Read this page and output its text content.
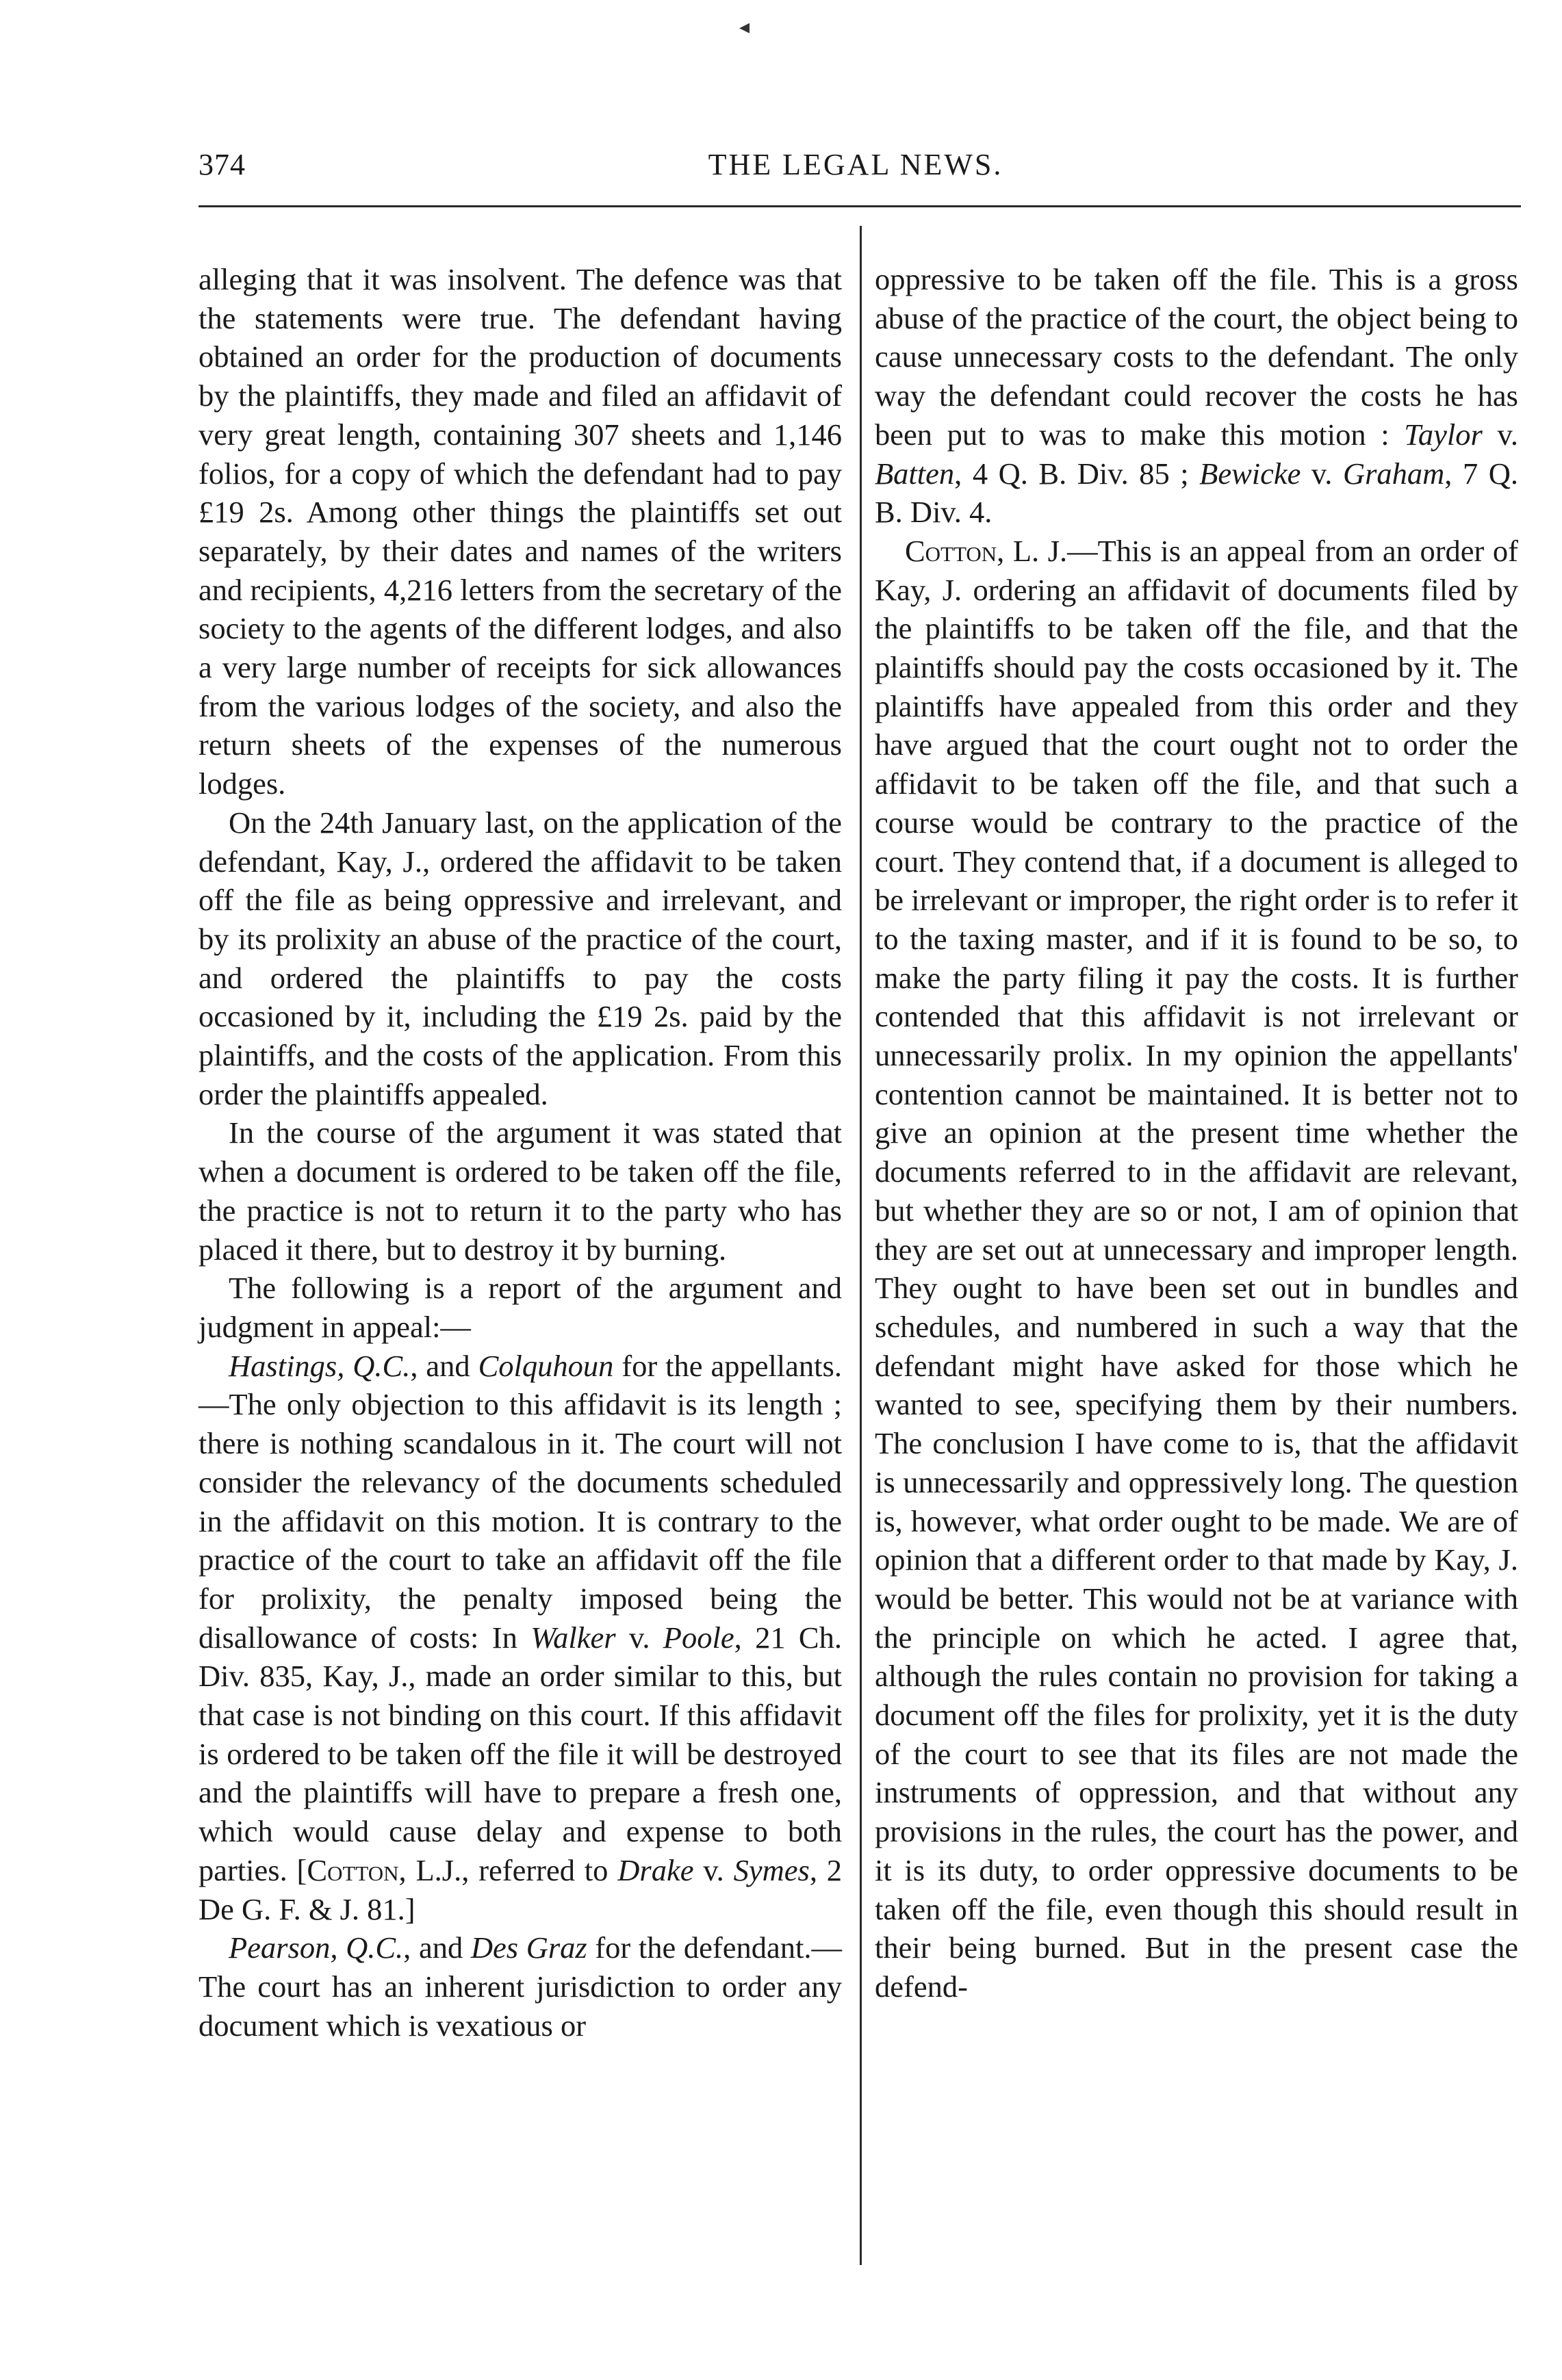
◂
THE LEGAL NEWS.
374

alleging that it was insolvent. The defence was that the statements were true. The defendant having obtained an order for the production of documents by the plaintiffs, they made and filed an affidavit of very great length, containing 307 sheets and 1,146 folios, for a copy of which the defendant had to pay £19 2s. Among other things the plaintiffs set out separately, by their dates and names of the writers and recipients, 4,216 letters from the secretary of the society to the agents of the different lodges, and also a very large number of receipts for sick allowances from the various lodges of the society, and also the return sheets of the expenses of the numerous lodges.

On the 24th January last, on the application of the defendant, Kay, J., ordered the affidavit to be taken off the file as being oppressive and irrelevant, and by its prolixity an abuse of the practice of the court, and ordered the plaintiffs to pay the costs occasioned by it, including the £19 2s. paid by the plaintiffs, and the costs of the application. From this order the plaintiffs appealed.

In the course of the argument it was stated that when a document is ordered to be taken off the file, the practice is not to return it to the party who has placed it there, but to destroy it by burning.

The following is a report of the argument and judgment in appeal:—

Hastings, Q.C., and Colquhoun for the appellants.—The only objection to this affidavit is its length ; there is nothing scandalous in it. The court will not consider the relevancy of the documents scheduled in the affidavit on this motion. It is contrary to the practice of the court to take an affidavit off the file for prolixity, the penalty imposed being the disallowance of costs: In Walker v. Poole, 21 Ch. Div. 835, Kay, J., made an order similar to this, but that case is not binding on this court. If this affidavit is ordered to be taken off the file it will be destroyed and the plaintiffs will have to prepare a fresh one, which would cause delay and expense to both parties. [Cotton, L.J., referred to Drake v. Symes, 2 De G. F. & J. 81.]

Pearson, Q.C., and Des Graz for the defendant.—The court has an inherent jurisdiction to order any document which is vexatious or

oppressive to be taken off the file. This is a gross abuse of the practice of the court, the object being to cause unnecessary costs to the defendant. The only way the defendant could recover the costs he has been put to was to make this motion : Taylor v. Batten, 4 Q. B. Div. 85 ; Bewicke v. Graham, 7 Q. B. Div. 4.

Cotton, L. J.—This is an appeal from an order of Kay, J. ordering an affidavit of documents filed by the plaintiffs to be taken off the file, and that the plaintiffs should pay the costs occasioned by it. The plaintiffs have appealed from this order and they have argued that the court ought not to order the affidavit to be taken off the file, and that such a course would be contrary to the practice of the court. They contend that, if a document is alleged to be irrelevant or improper, the right order is to refer it to the taxing master, and if it is found to be so, to make the party filing it pay the costs. It is further contended that this affidavit is not irrelevant or unnecessarily prolix. In my opinion the appellants' contention cannot be maintained. It is better not to give an opinion at the present time whether the documents referred to in the affidavit are relevant, but whether they are so or not, I am of opinion that they are set out at unnecessary and improper length. They ought to have been set out in bundles and schedules, and numbered in such a way that the defendant might have asked for those which he wanted to see, specifying them by their numbers. The conclusion I have come to is, that the affidavit is unnecessarily and oppressively long. The question is, however, what order ought to be made. We are of opinion that a different order to that made by Kay, J. would be better. This would not be at variance with the principle on which he acted. I agree that, although the rules contain no provision for taking a document off the files for prolixity, yet it is the duty of the court to see that its files are not made the instruments of oppression, and that without any provisions in the rules, the court has the power, and it is its duty, to order oppressive documents to be taken off the file, even though this should result in their being burned. But in the present case the defend-
